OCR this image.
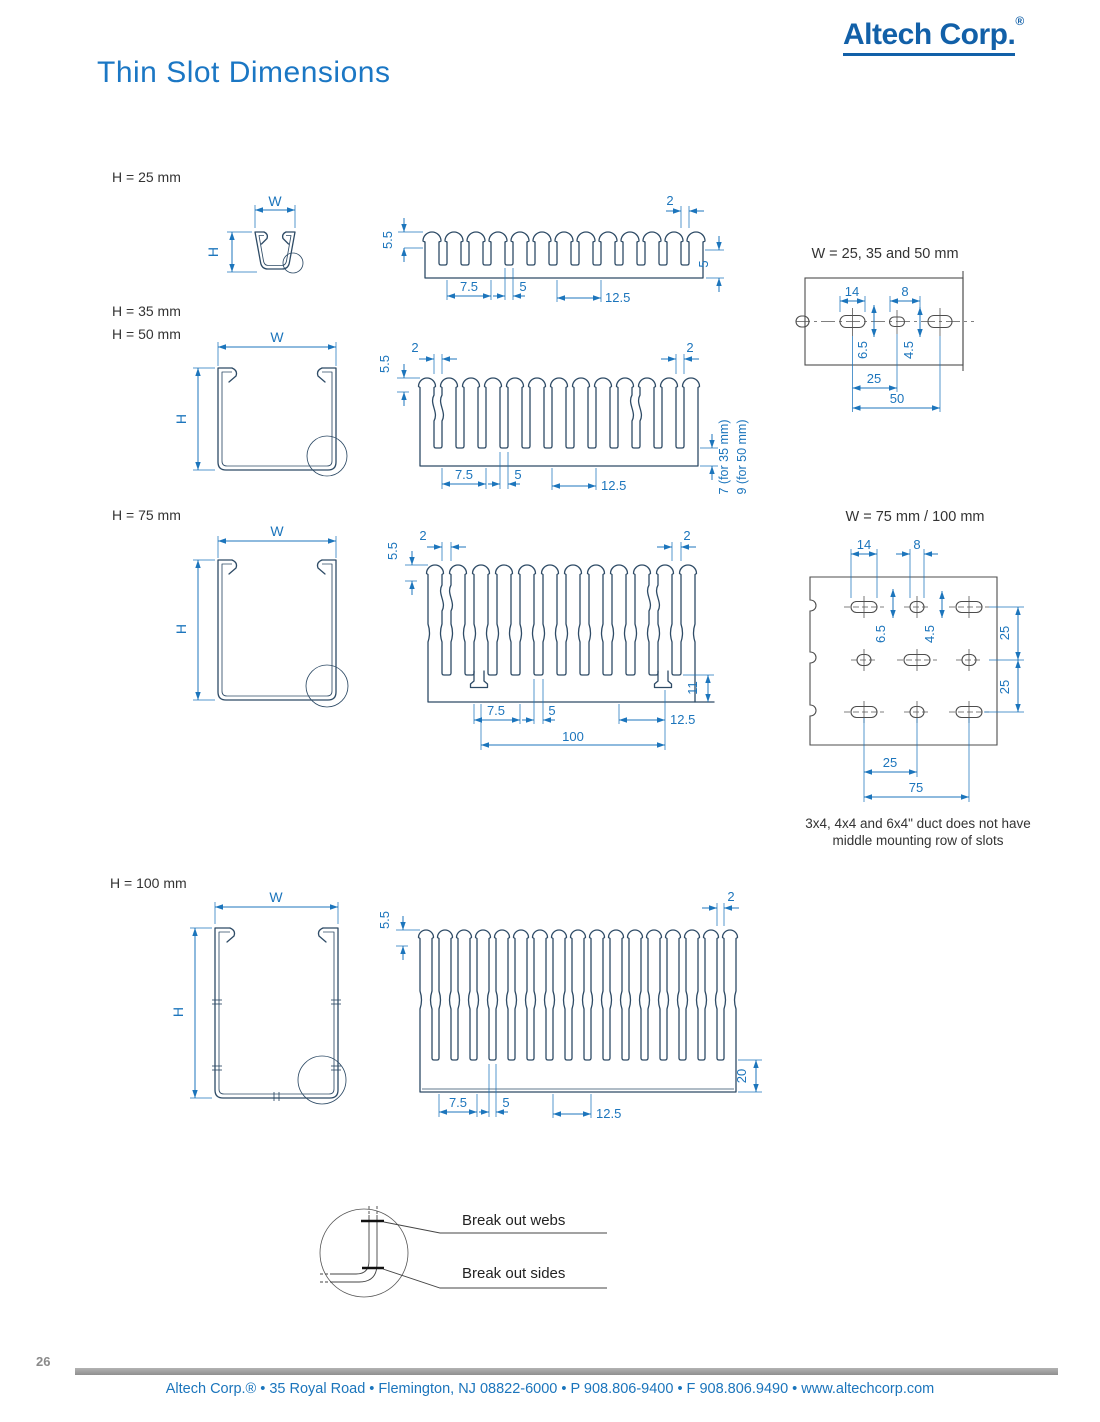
W
H
5.5
2
5
7.5	5
12.5
W
H
5.5
2	2
7 (for 35 mm) 9 (for 50 mm)
7.5	5
12.5
14	8
6.5 4.5
25
50
W
H
5.5
2	2
11
7.5	5
12.5
100
14	8
6.5	4.5	25
25
25
75
W
H
5.5
2
20
7.5	5
12.5
Altech Corp.®
Thin Slot Dimensions
H = 25 mm
H = 35 mm
H = 50 mm
H = 75 mm
H = 100 mm
W = 25, 35 and 50 mm
W = 75 mm / 100 mm
3x4, 4x4 and 6x4" duct does not have
middle mounting row of slots
Break out webs
Break out sides
26
Altech Corp.® • 35 Royal Road • Flemington, NJ 08822-6000 • P 908.806-9400 • F 908.806.9490 • www.altechcorp.com
